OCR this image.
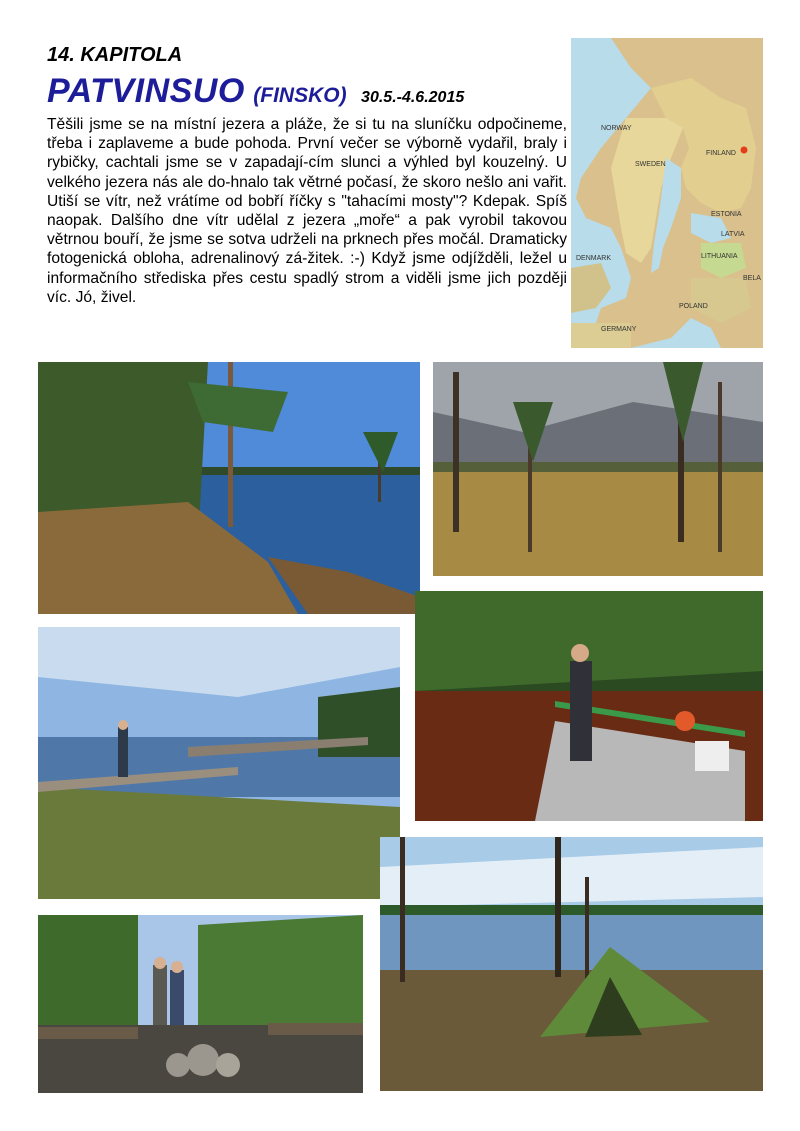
14. KAPITOLA
PATVINSUO (FINSKO) 30.5.-4.6.2015

Těšili jsme se na místní jezera a pláže, že si tu na sluníčku odpočineme, třeba i zaplaveme a bude pohoda. První večer se výborně vydařil, braly i rybičky, cachtali jsme se v zapadají-cím slunci a výhled byl kouzelný. U velkého jezera nás ale do-hnalo tak větrné počasí, že skoro nešlo ani vařit. Utiší se vítr, než vrátíme od bobří říčky s "tahacími mosty"? Kdepak. Spíš naopak. Dalšího dne vítr udělal z jezera „moře“ a pak vyrobil takovou větrnou bouří, že jsme se sotva udrželi na prknech přes močál. Dramaticky fotogenická obloha, adrenalinový zá-žitek. :-) Když jsme odjížděli, ležel u informačního střediska přes cestu spadlý strom a viděli jsme jich později víc. Jó, živel.

NORWAY
SWEDEN
FINLAND
ESTONIA
LATVIA
LITHUANIA
DENMARK
POLAND
GERMANY
BELA
